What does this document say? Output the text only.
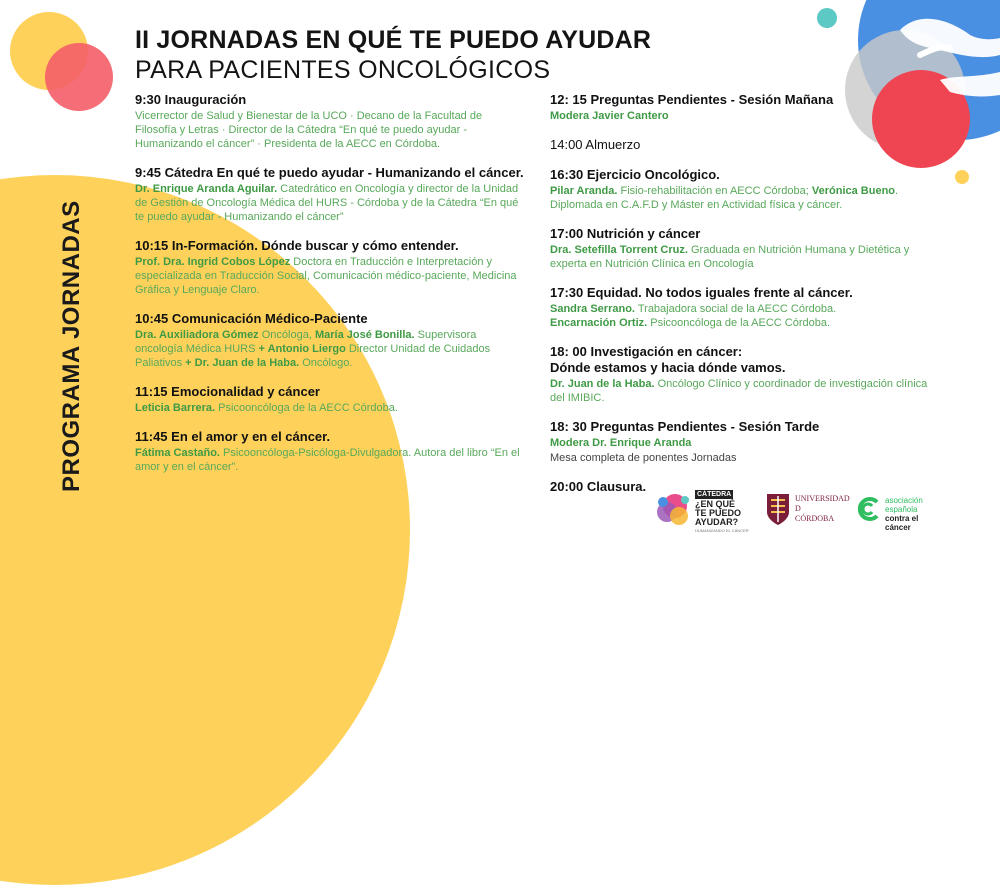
II JORNADAS EN QUÉ TE PUEDO AYUDAR
PARA PACIENTES ONCOLÓGICOS
PROGRAMA JORNADAS
9:30 Inauguración
Vicerrector de Salud y Bienestar de la UCO · Decano de la Facultad de Filosofía y Letras · Director de la Cátedra “En qué te puedo ayudar - Humanizando el cáncer” · Presidenta de la AECC en Córdoba.
9:45 Cátedra En qué te puedo ayudar - Humanizando el cáncer.
Dr. Enrique Aranda Aguilar. Catedrático en Oncología y director de la Unidad de Gestión de Oncología Médica del HURS - Córdoba y de la Cátedra “En qué te puedo ayudar - Humanizando el cáncer”
10:15 In-Formación. Dónde buscar y cómo entender.
Prof. Dra. Ingrid Cobos López Doctora en Traducción e Interpretación y especializada en Traducción Social, Comunicación médico-paciente, Medicina Gráfica y Lenguaje Claro.
10:45 Comunicación Médico-Paciente
Dra. Auxiliadora Gómez Oncóloga, María José Bonilla. Supervisora oncología Médica HURS + Antonio Liergo Director Unidad de Cuidados Paliativos + Dr. Juan de la Haba. Oncólogo.
11:15 Emocionalidad y cáncer
Leticia Barrera. Psicooncóloga de la AECC Córdoba.
11:45 En el amor y en el cáncer.
Fátima Castaño. Psicooncóloga-Psicóloga-Divulgadora. Autora del libro “En el amor y en el cáncer”.
12: 15 Preguntas Pendientes - Sesión Mañana
Modera Javier Cantero
14:00 Almuerzo
16:30 Ejercicio Oncológico.
Pilar Aranda. Fisio-rehabilitación en AECC Córdoba; Verónica Bueno. Diplomada en C.A.F.D y Máster en Actividad física y cáncer.
17:00 Nutrición y cáncer
Dra. Setefilla Torrent Cruz. Graduada en Nutrición Humana y Dietética y experta en Nutrición Clínica en Oncología
17:30 Equidad. No todos iguales frente al cáncer.
Sandra Serrano. Trabajadora social de la AECC Córdoba.
Encarnación Ortiz. Psicooncóloga de la AECC Córdoba.
18: 00 Investigación en cáncer:
Dónde estamos y hacia dónde vamos.
Dr. Juan de la Haba. Oncólogo Clínico y coordinador de investigación clínica del IMIBIC.
18: 30 Preguntas Pendientes - Sesión Tarde
Modera Dr. Enrique Aranda
Mesa completa de ponentes Jornadas
20:00 Clausura.
CÁTEDRA
¿EN QUÉ
TE PUEDO
AYUDAR?
HUMANIZANDO EL CÁNCER
UNIVERSIDAD
D
CÓRDOBA
asociación
española
contra el cáncer
